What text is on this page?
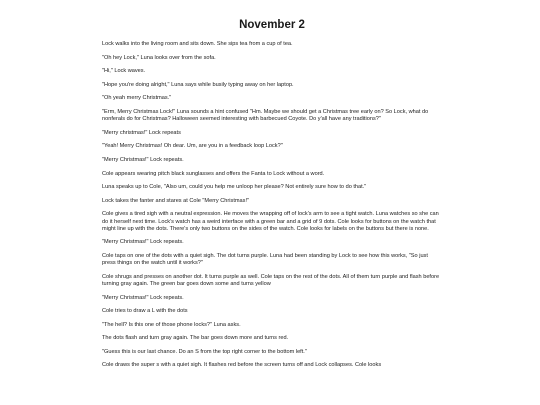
November 2

Lock walks into the living room and sits down. She sips tea from a cup of tea.

"Oh hey Lock," Luna looks over from the sofa.

"Hi," Lock waves.

"Hope you're doing alright," Luna says while busily typing away on her laptop.

"Oh yeah merry Christmas."

"Erm, Merry Christmas Lock!" Luna sounds a hint confused "Hm. Maybe we should get a Christmas tree early on? So Lock, what do nonferals do for Christmas? Halloween seemed interesting with barbecued Coyote. Do y'all have any traditions?"

"Merry christmas!" Lock repeats

"Yeah! Merry Christmas! Oh dear. Um, are you in a feedback loop Lock?"

"Merry Christmas!" Lock repeats.

Cole appears wearing pitch black sunglasses and offers the Fanta to Lock without a word.

Luna speaks up to Cole, "Also um, could you help me unloop her please? Not entirely sure how to do that."

Lock takes the fanter and stares at Cole "Merry Christmas!"

Cole gives a tired sigh with a neutral expression. He moves the wrapping off of lock's arm to see a tight watch. Luna watches so she can do it herself next time. Lock's watch has a weird interface with a green bar and a grid of 9 dots. Cole looks for buttons on the watch that might line up with the dots. There's only two buttons on the sides of the watch. Cole looks for labels on the buttons but there is none.

"Merry Christmas!" Lock repeats.

Cole taps on one of the dots with a quiet sigh. The dot turns purple. Luna had been standing by Lock to see how this works, "So just press things on the watch until it works?"

Cole shrugs and presses on another dot. It turns purple as well. Cole taps on the rest of the dots. All of them turn purple and flash before turning gray again. The green bar goes down some and turns yellow

"Merry Christmas!" Lock repeats.

Cole tries to draw a L with the dots

"The hell? Is this one of those phone locks?" Luna asks.

The dots flash and turn gray again. The bar goes down more and turns red.

"Guess this is our last chance. Do an S from the top right corner to the bottom left."

Cole draws the super s with a quiet sigh. It flashes red before the screen turns off and Lock collapses. Cole looks
